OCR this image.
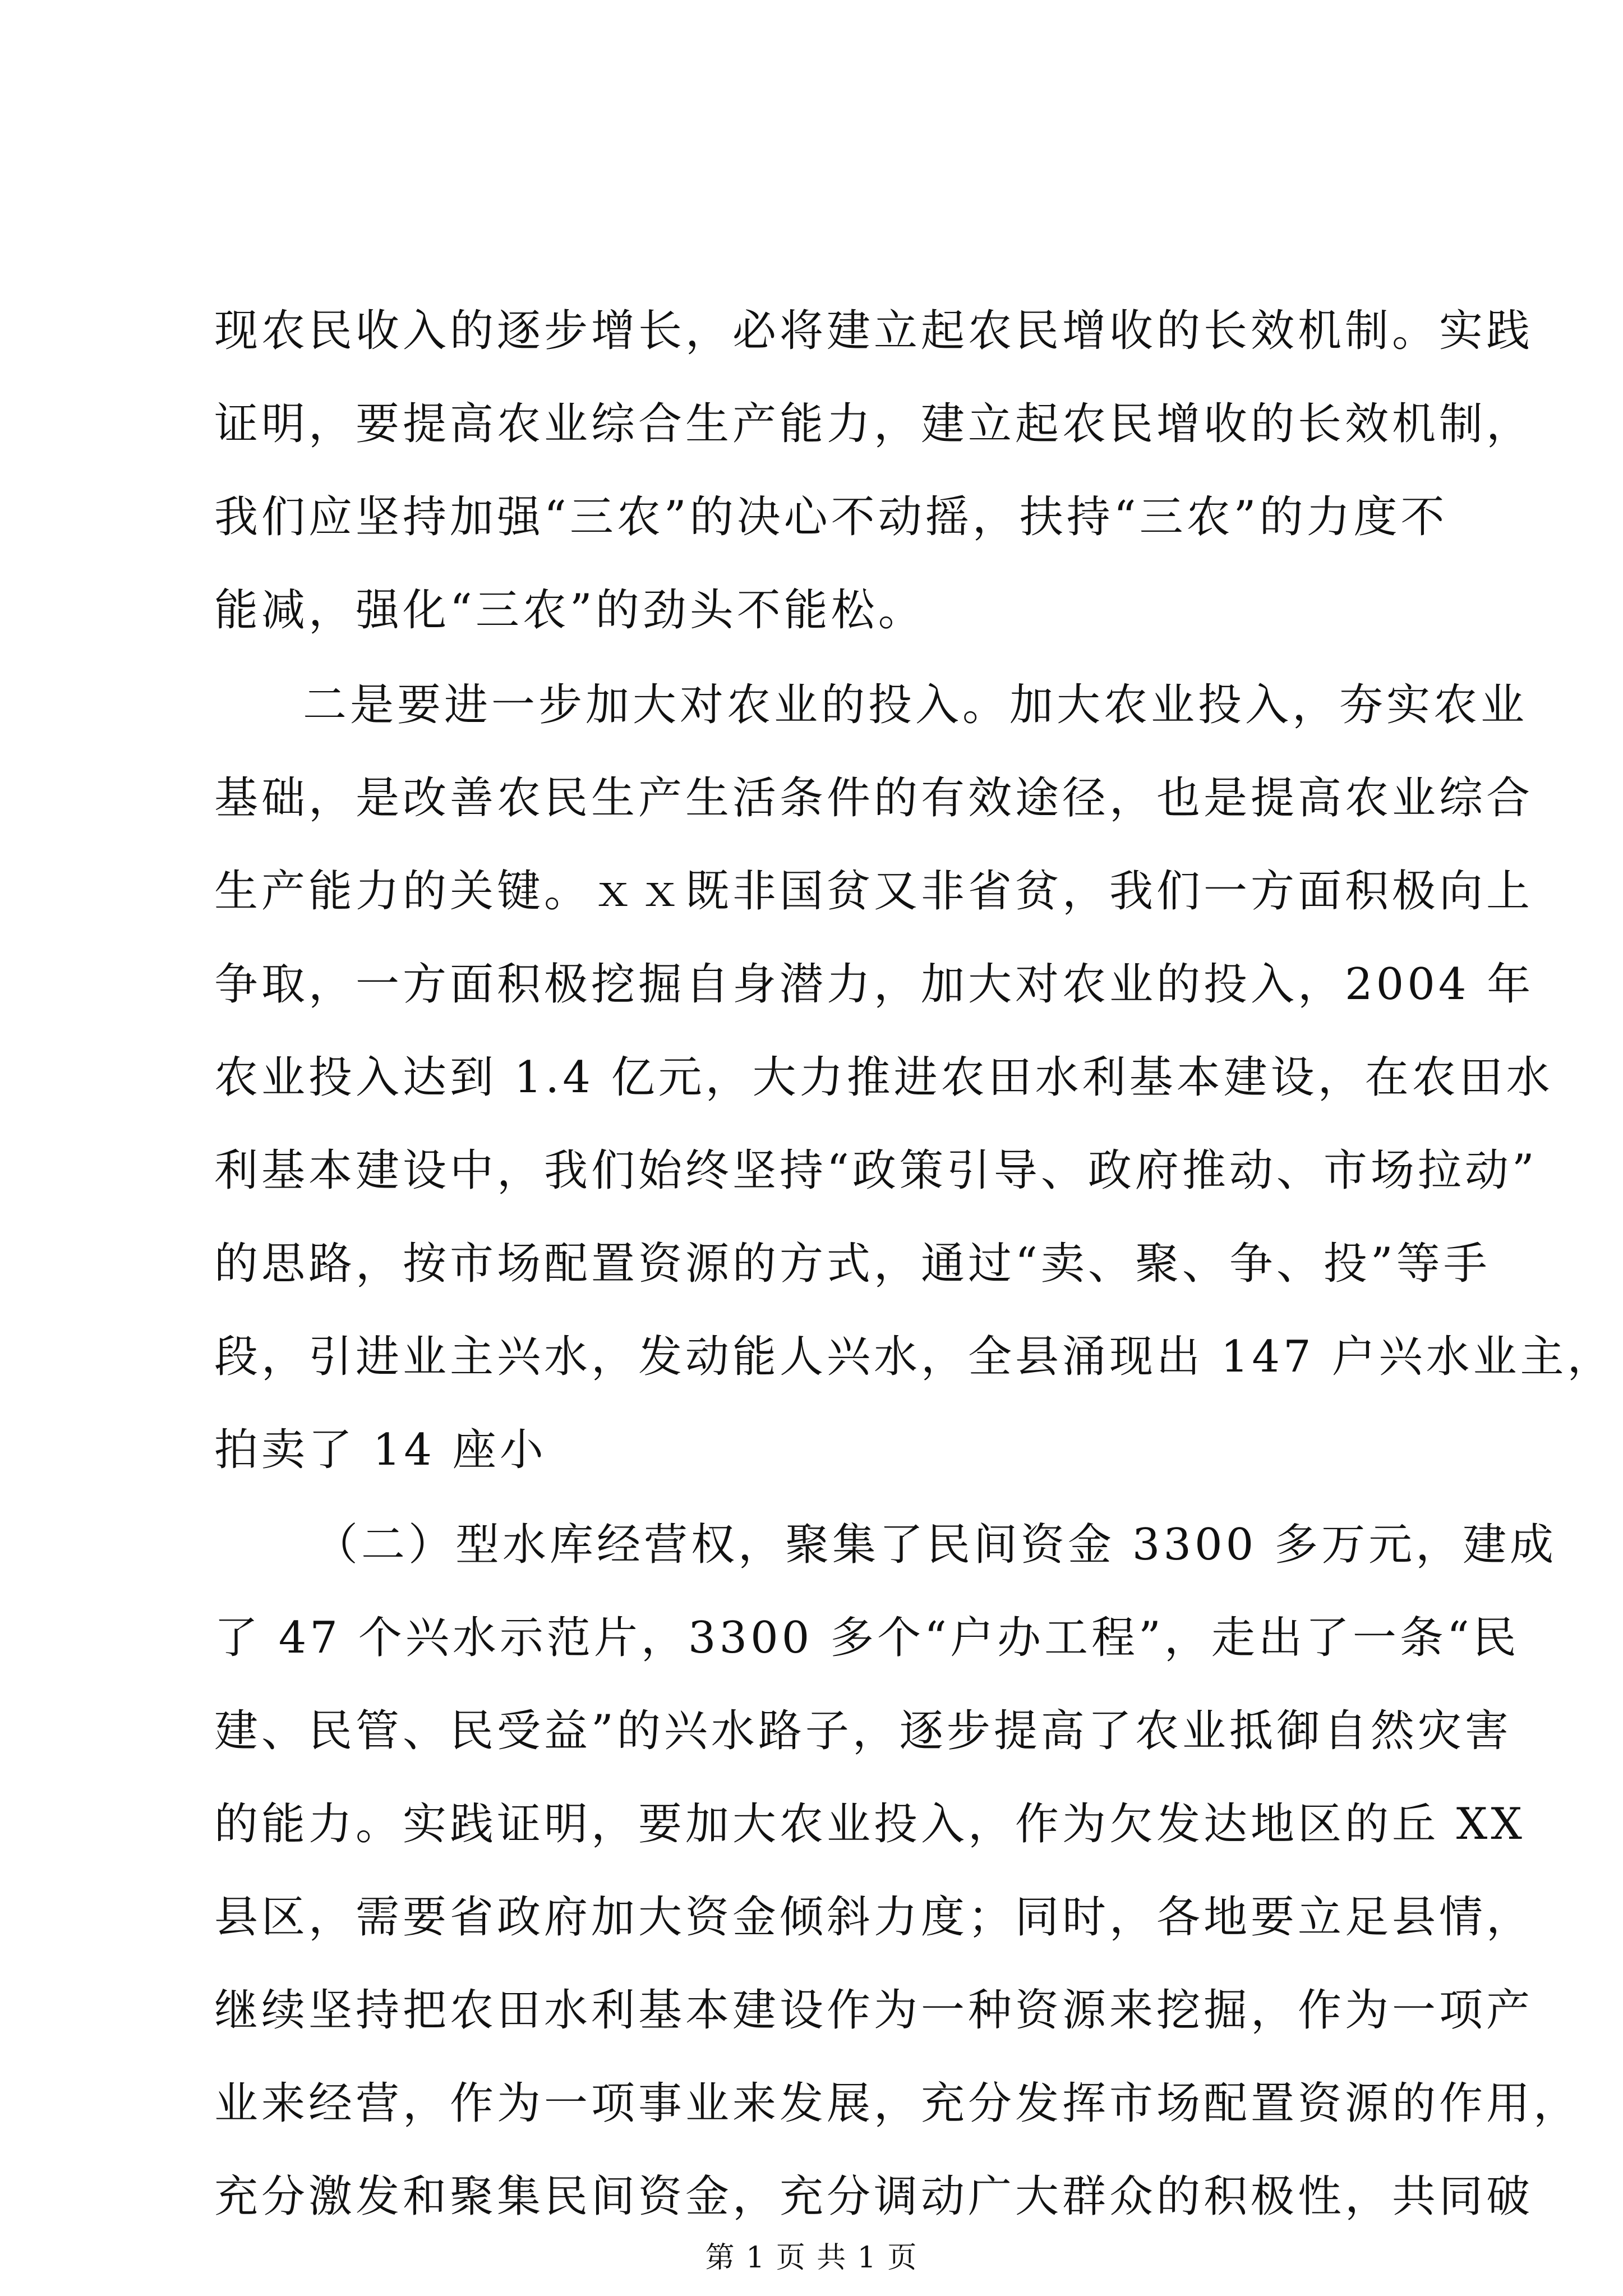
现农民收入的逐步增长，必将建立起农民增收的长效机制。实践
证明，要提高农业综合生产能力，建立起农民增收的长效机制，
我们应坚持加强“三农”的决心不动摇，扶持“三农”的力度不
能减，强化“三农”的劲头不能松。
二是要进一步加大对农业的投入。加大农业投入，夯实农业
基础，是改善农民生产生活条件的有效途径，也是提高农业综合
生产能力的关键。ｘｘ既非国贫又非省贫，我们一方面积极向上
争取，一方面积极挖掘自身潜力，加大对农业的投入，2004 年
农业投入达到 1.4 亿元，大力推进农田水利基本建设，在农田水
利基本建设中，我们始终坚持“政策引导、政府推动、市场拉动”
的思路，按市场配置资源的方式，通过“卖、聚、争、投”等手
段，引进业主兴水，发动能人兴水，全县涌现出 147 户兴水业主，
拍卖了 14 座小
（二）型水库经营权，聚集了民间资金 3300 多万元，建成
了 47 个兴水示范片，3300 多个“户办工程”，走出了一条“民
建、民管、民受益”的兴水路子，逐步提高了农业抵御自然灾害
的能力。实践证明，要加大农业投入，作为欠发达地区的丘 XX
县区，需要省政府加大资金倾斜力度；同时，各地要立足县情，
继续坚持把农田水利基本建设作为一种资源来挖掘，作为一项产
业来经营，作为一项事业来发展，充分发挥市场配置资源的作用，
充分激发和聚集民间资金，充分调动广大群众的积极性，共同破
第 1 页 共 1 页
